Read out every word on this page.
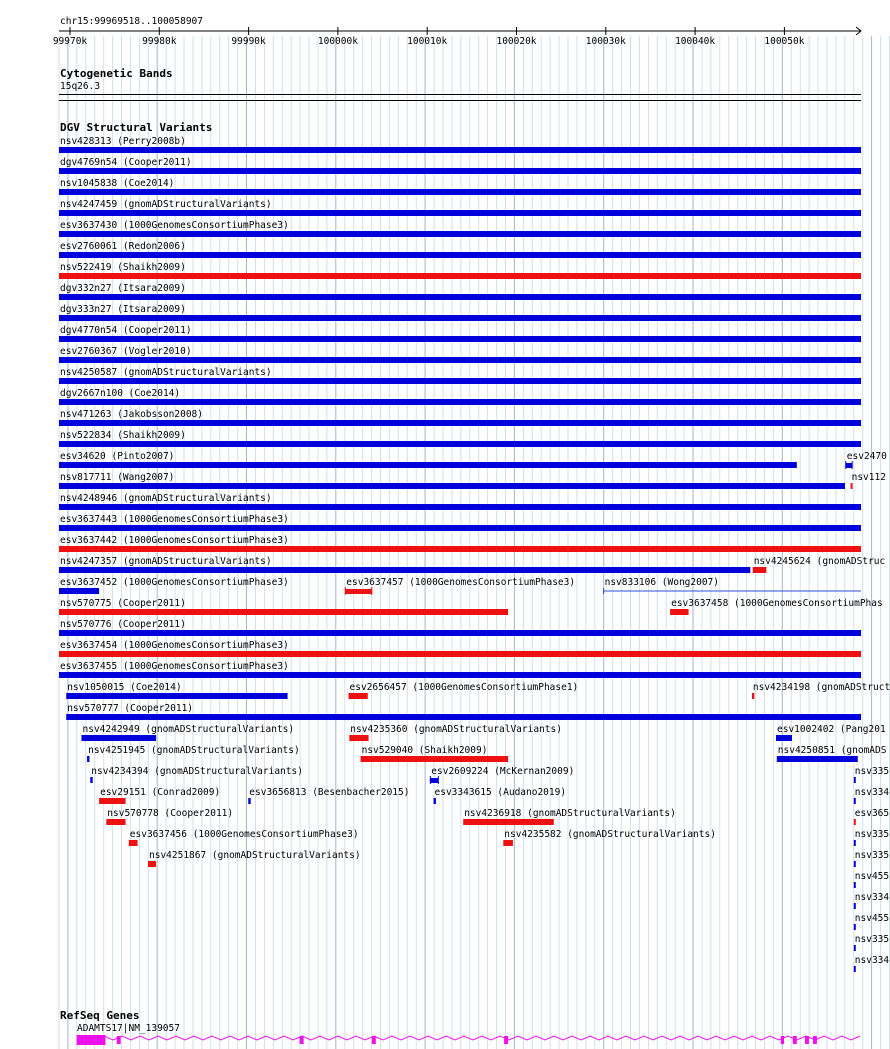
chr15:99969518..100058907
99970k	99980k	99990k	100000k	100010k	100020k	100030k	100040k	100050k
Cytogenetic Bands
15q26.3
DGV Structural Variants
nsv428313 (Perry2008b)
dgv4769n54 (Cooper2011)
nsv1045838 (Coe2014)
nsv4247459 (gnomADStructuralVariants)
esv3637430 (1000GenomesConsortiumPhase3)
esv2760061 (Redon2006)
nsv522419 (Shaikh2009)
dgv332n27 (Itsara2009)
dgv333n27 (Itsara2009)
dgv4770n54 (Cooper2011)
esv2760367 (Vogler2010)
nsv4250587 (gnomADStructuralVariants)
dgv2667n100 (Coe2014)
nsv471263 (Jakobsson2008)
nsv522834 (Shaikh2009)
esv34620 (Pinto2007)	esv2470
nsv817711 (Wang2007)	nsv112
nsv4248946 (gnomADStructuralVariants)
esv3637443 (1000GenomesConsortiumPhase3)
esv3637442 (1000GenomesConsortiumPhase3)
nsv4247357 (gnomADStructuralVariants)	nsv4245624 (gnomADStruc
esv3637452 (1000GenomesConsortiumPhase3)	esv3637457 (1000GenomesConsortiumPhase3)	nsv833106 (Wong2007)
nsv570775 (Cooper2011)	esv3637458 (1000GenomesConsortiumPhas
nsv570776 (Cooper2011)
esv3637454 (1000GenomesConsortiumPhase3)
esv3637455 (1000GenomesConsortiumPhase3)
nsv1050015 (Coe2014)	esv2656457 (1000GenomesConsortiumPhase1)	nsv4234198 (gnomADStruct
nsv570777 (Cooper2011)
nsv4242949 (gnomADStructuralVariants)	nsv4235360 (gnomADStructuralVariants)	esv1002402 (Pang201
nsv4251945 (gnomADStructuralVariants)	nsv529040 (Shaikh2009)	nsv4250851 (gnomADS
nsv4234394 (gnomADStructuralVariants)	esv2609224 (McKernan2009)	nsv335
esv29151 (Conrad2009)	esv3656813 (Besenbacher2015)	esv3343615 (Audano2019)	nsv334
nsv570778 (Cooper2011)	nsv4236918 (gnomADStructuralVariants)	esv365
esv3637456 (1000GenomesConsortiumPhase3)	nsv4235582 (gnomADStructuralVariants)	nsv335
nsv4251867 (gnomADStructuralVariants)	nsv335
nsv455
nsv334
nsv455
nsv335
nsv334
RefSeq Genes
ADAMTS17|NM_139057
